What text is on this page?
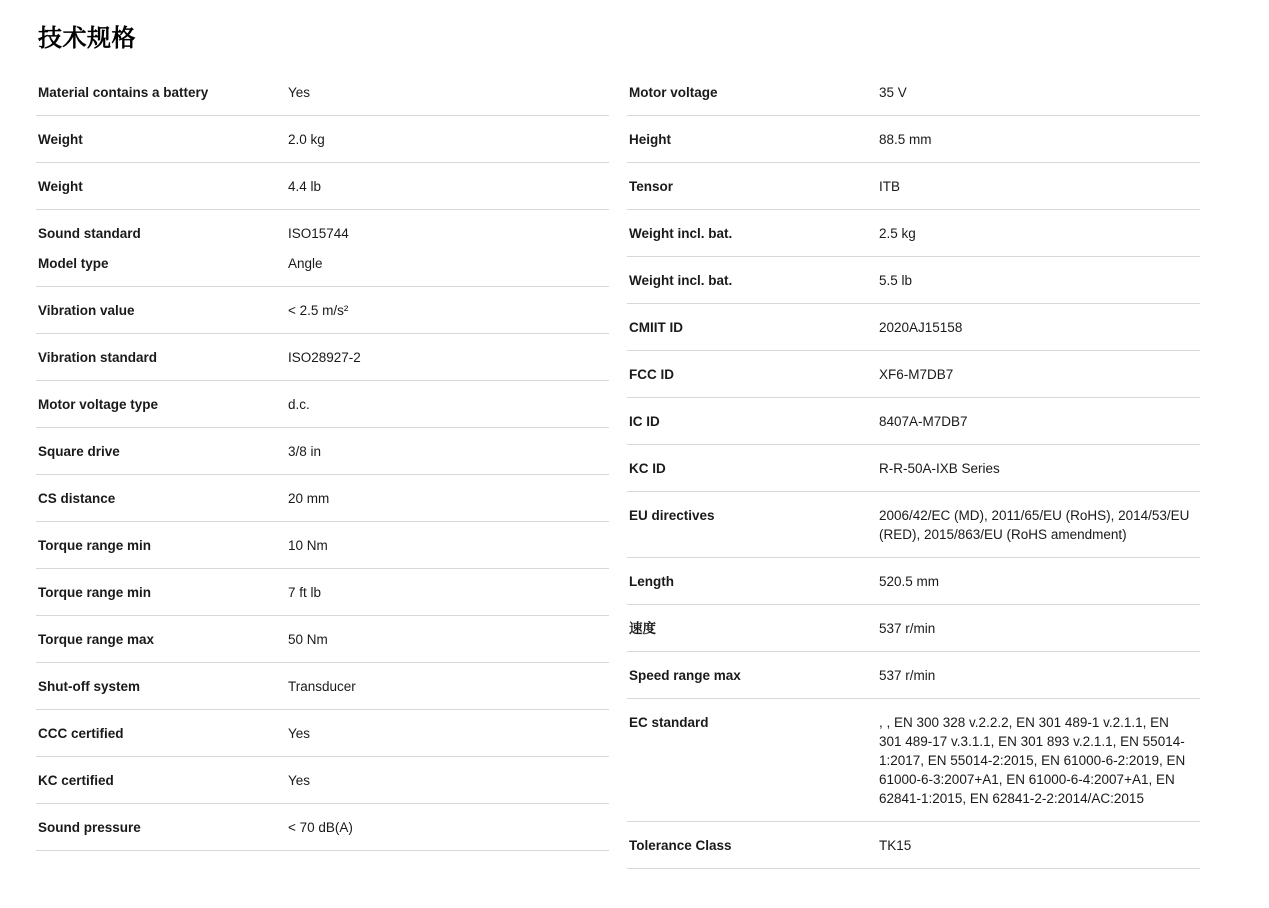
技术规格
Material contains a battery	Yes
Weight	2.0 kg
Weight	4.4 lb
Sound standard	ISO15744
Model type	Angle
Vibration value	< 2.5 m/s²
Vibration standard	ISO28927-2
Motor voltage type	d.c.
Square drive	3/8 in
CS distance	20 mm
Torque range min	10 Nm
Torque range min	7 ft lb
Torque range max	50 Nm
Shut-off system	Transducer
CCC certified	Yes
KC certified	Yes
Sound pressure	< 70 dB(A)
Motor voltage	35 V
Height	88.5 mm
Tensor	ITB
Weight incl. bat.	2.5 kg
Weight incl. bat.	5.5 lb
CMIIT ID	2020AJ15158
FCC ID	XF6-M7DB7
IC ID	8407A-M7DB7
KC ID	R-R-50A-IXB Series
EU directives	2006/42/EC (MD), 2011/65/EU (RoHS), 2014/53/EU (RED), 2015/863/EU (RoHS amendment)
Length	520.5 mm
速度	537 r/min
Speed range max	537 r/min
EC standard	, , EN 300 328 v.2.2.2, EN 301 489-1 v.2.1.1, EN 301 489-17 v.3.1.1, EN 301 893 v.2.1.1, EN 55014-1:2017, EN 55014-2:2015, EN 61000-6-2:2019, EN 61000-6-3:2007+A1, EN 61000-6-4:2007+A1, EN 62841-1:2015, EN 62841-2-2:2014/AC:2015
Tolerance Class	TK15
